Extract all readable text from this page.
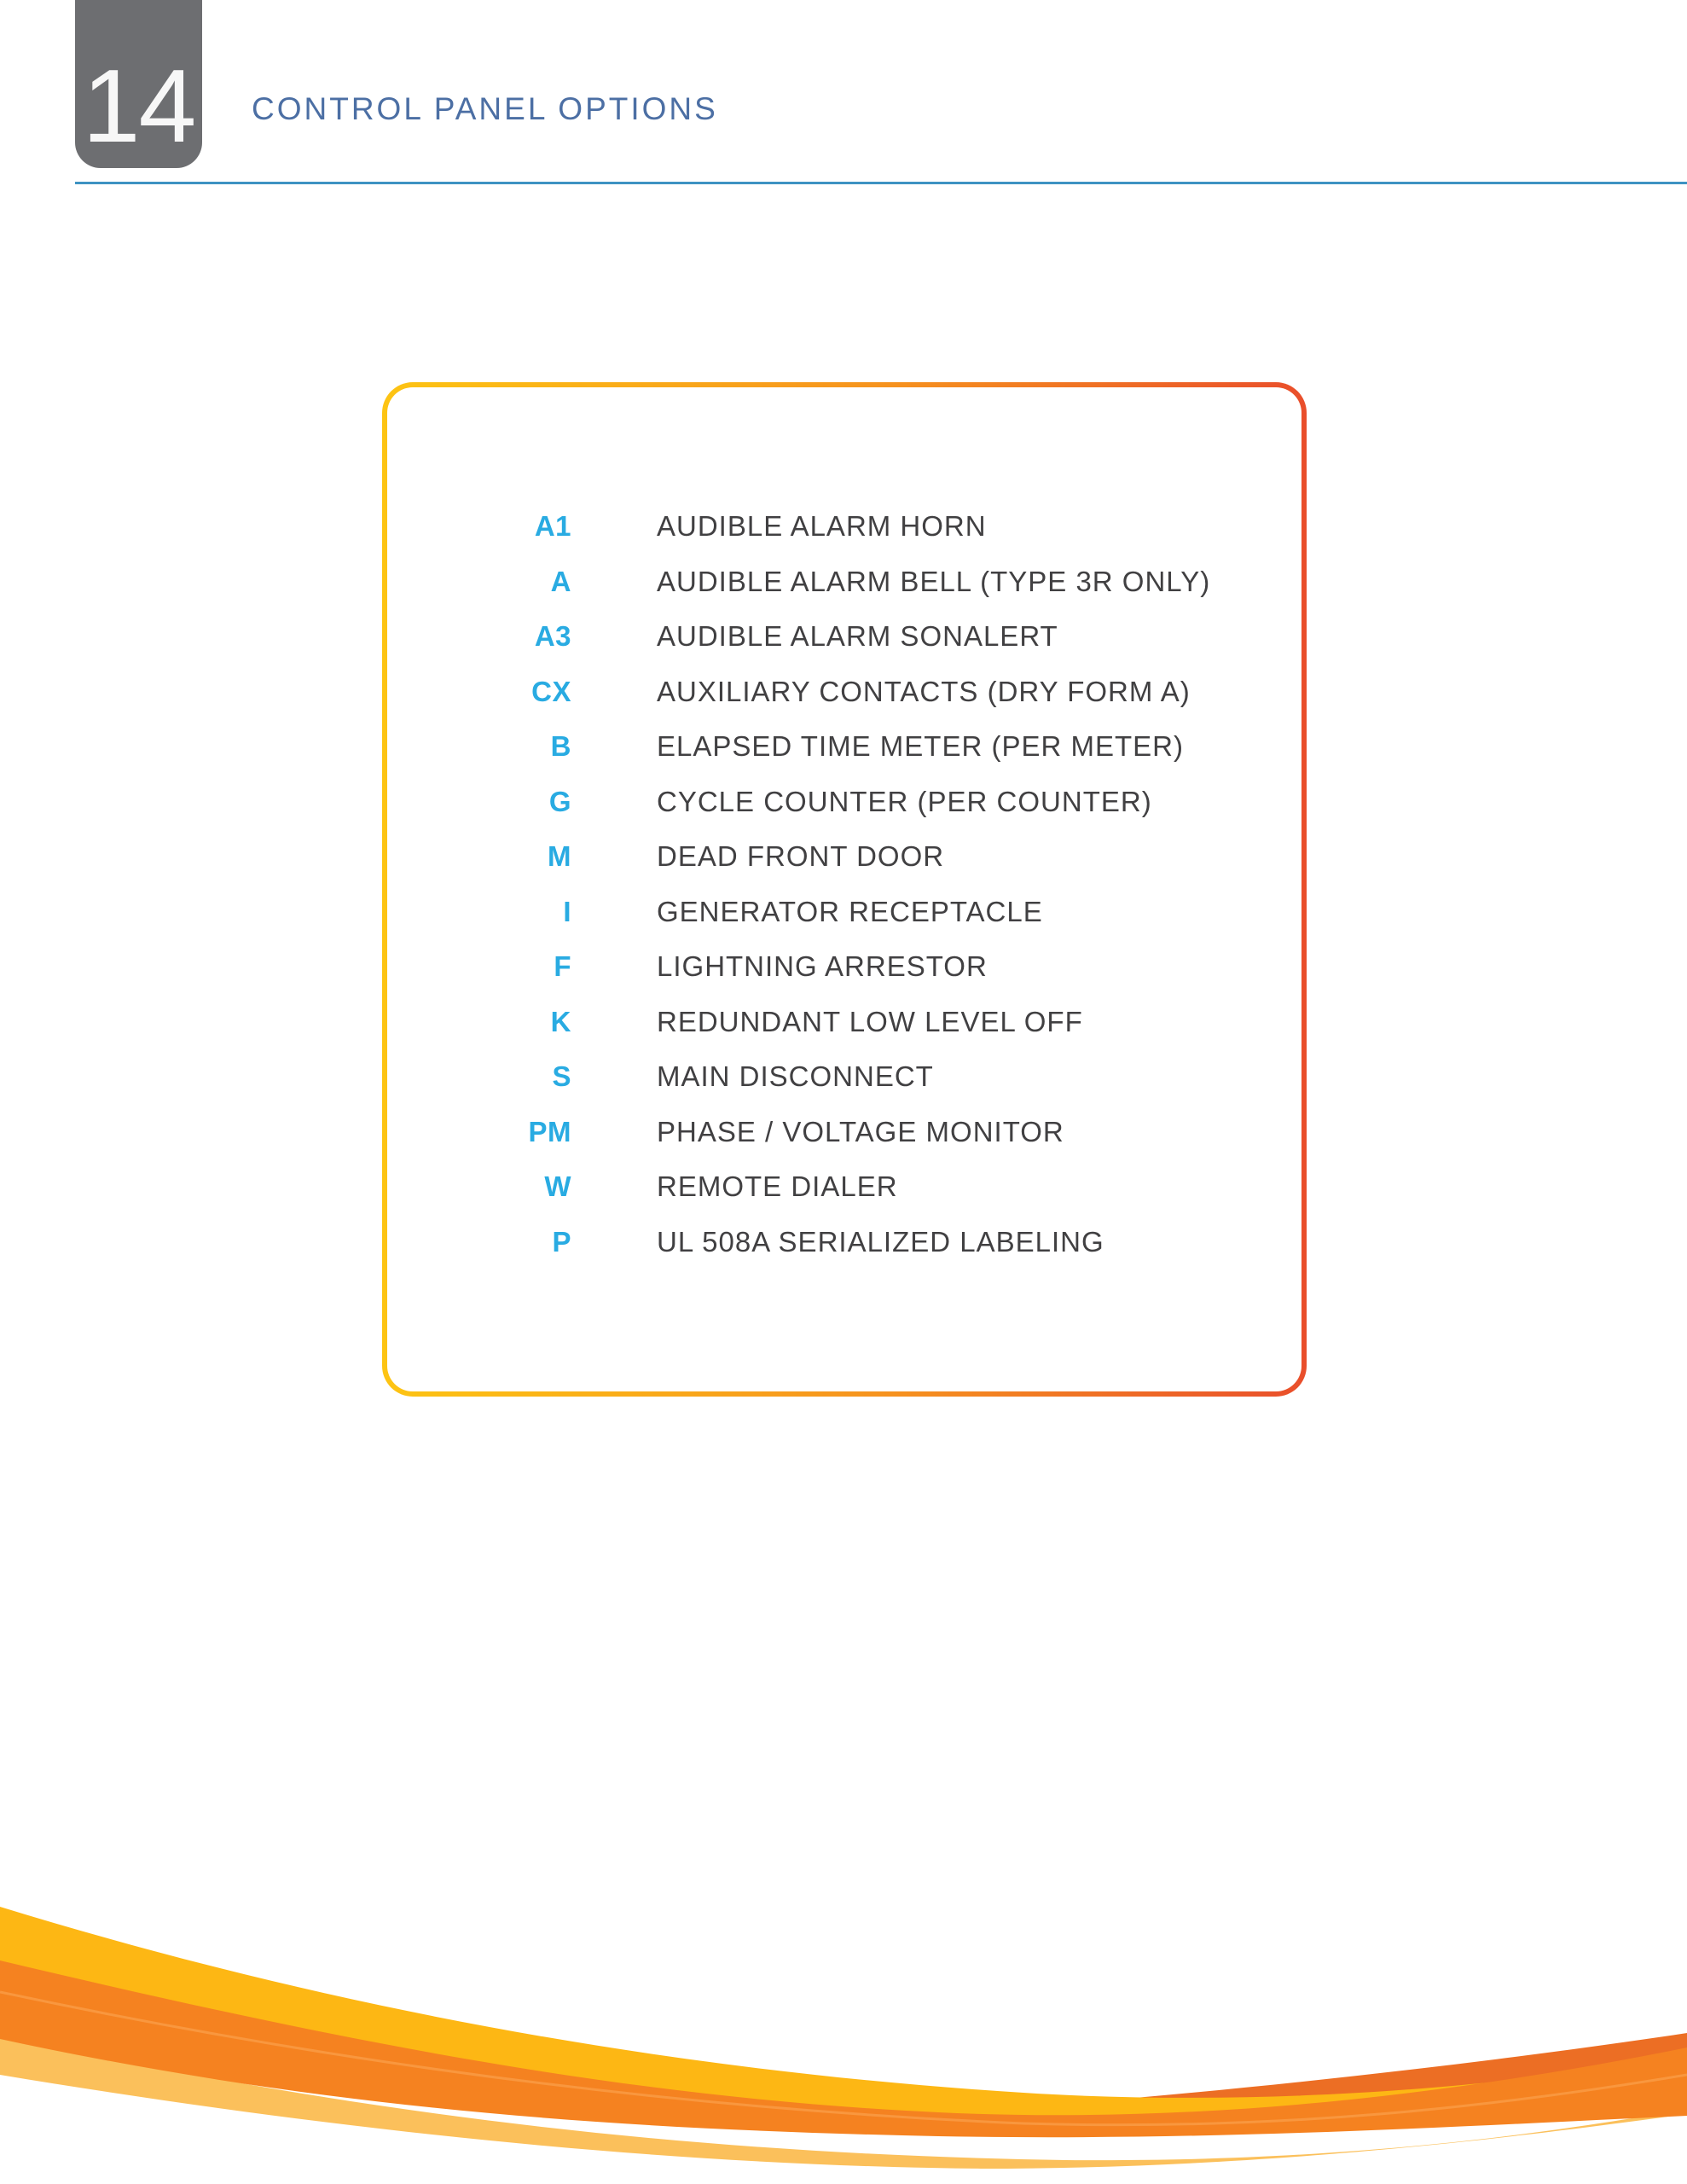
14 CONTROL PANEL OPTIONS
A1	AUDIBLE ALARM HORN
A	AUDIBLE ALARM BELL (TYPE 3R ONLY)
A3	AUDIBLE ALARM SONALERT
CX	AUXILIARY CONTACTS (DRY FORM A)
B	ELAPSED TIME METER (PER METER)
G	CYCLE COUNTER (PER COUNTER)
M	DEAD FRONT DOOR
I	GENERATOR RECEPTACLE
F	LIGHTNING ARRESTOR
K	REDUNDANT LOW LEVEL OFF
S	MAIN DISCONNECT
PM	PHASE / VOLTAGE MONITOR
W	REMOTE DIALER
P	UL 508A SERIALIZED LABELING
